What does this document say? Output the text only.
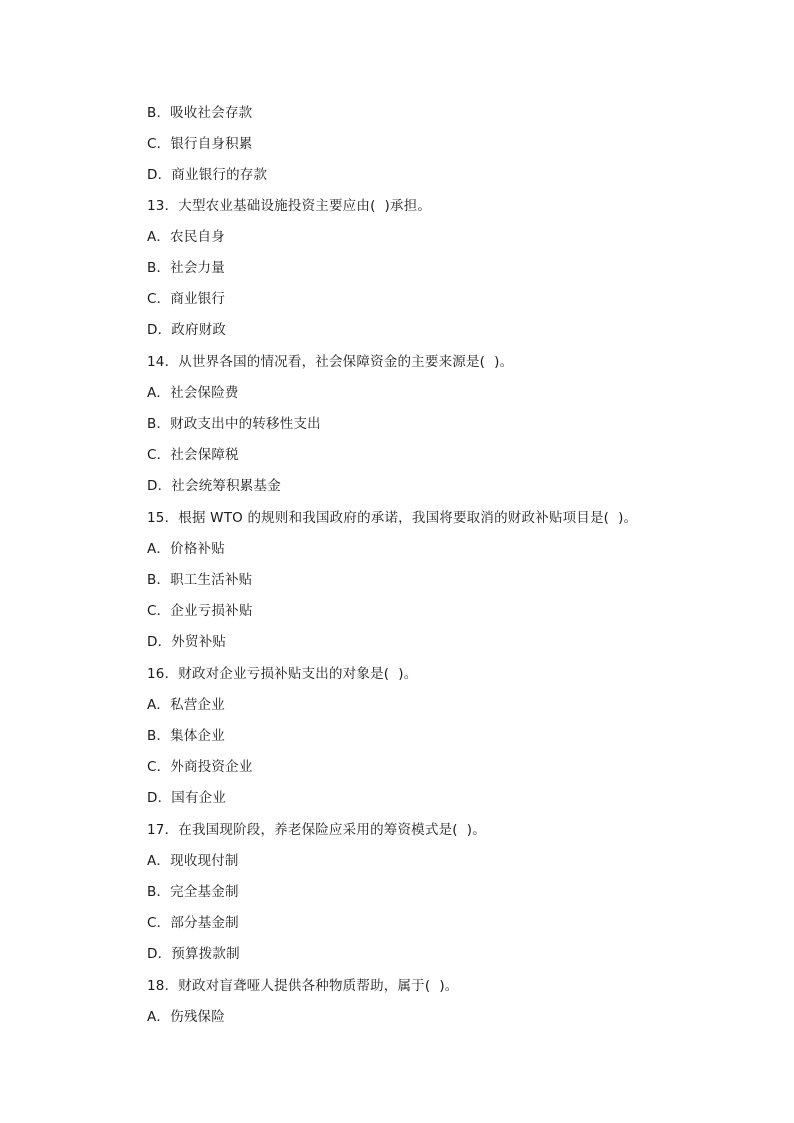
B．吸收社会存款
C．银行自身积累
D．商业银行的存款
13．大型农业基础设施投资主要应由(  )承担。
A．农民自身
B．社会力量
C．商业银行
D．政府财政
14．从世界各国的情况看，社会保障资金的主要来源是(  )。
A．社会保险费
B．财政支出中的转移性支出
C．社会保障税
D．社会统筹积累基金
15．根据 WTO 的规则和我国政府的承诺，我国将要取消的财政补贴项目是(  )。
A．价格补贴
B．职工生活补贴
C．企业亏损补贴
D．外贸补贴
16．财政对企业亏损补贴支出的对象是(  )。
A．私营企业
B．集体企业
C．外商投资企业
D．国有企业
17．在我国现阶段，养老保险应采用的筹资模式是(  )。
A．现收现付制
B．完全基金制
C．部分基金制
D．预算拨款制
18．财政对盲聋哑人提供各种物质帮助，属于(  )。
A．伤残保险
